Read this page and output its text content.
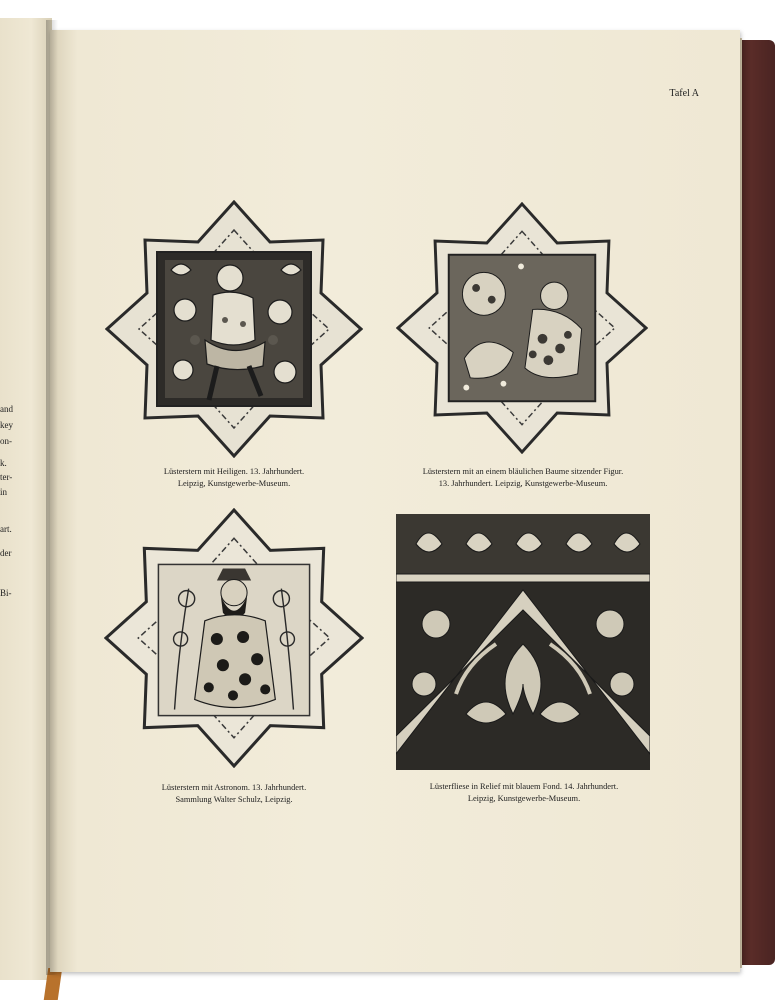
and
key
on-
k.
ter-
in
art.
der
Bi-
Tafel A
Lüsterstern mit Heiligen. 13. Jahrhundert.
Leipzig, Kunstgewerbe-Museum.
Lüsterstern mit an einem bläulichen Baume sitzender Figur.
13. Jahrhundert. Leipzig, Kunstgewerbe-Museum.
Lüsterstern mit Astronom. 13. Jahrhundert.
Sammlung Walter Schulz, Leipzig.
Lüsterfliese in Relief mit blauem Fond. 14. Jahrhundert.
Leipzig, Kunstgewerbe-Museum.
